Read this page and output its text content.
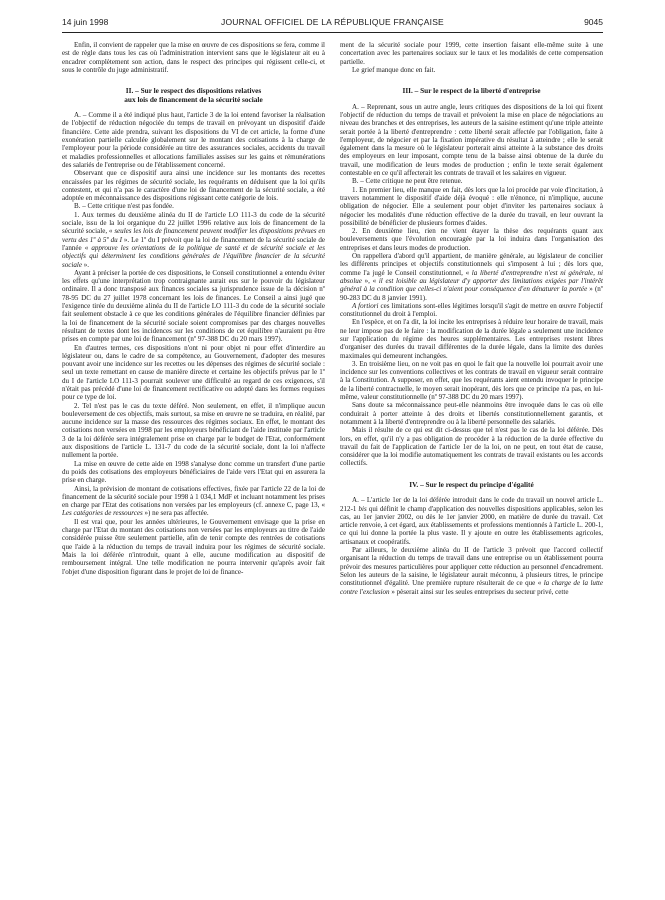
14 juin 1998	JOURNAL OFFICIEL DE LA RÉPUBLIQUE FRANÇAISE	9045

Enfin, il convient de rappeler que la mise en œuvre de ces dispositions se fera, comme il est de règle dans tous les cas où l'administration intervient sans que le législateur ait eu à encadrer complètement son action, dans le respect des principes qui régissent celle-ci, et sous le contrôle du juge administratif.

II. – Sur le respect des dispositions relatives
aux lois de financement de la sécurité sociale

A. – Comme il a été indiqué plus haut, l'article 3 de la loi entend favoriser la réalisation de l'objectif de réduction négociée du temps de travail en prévoyant un dispositif d'aide financière. Cette aide prendra, suivant les dispositions du VI de cet article, la forme d'une exonération partielle calculée globalement sur le montant des cotisations à la charge de l'employeur pour la période considérée au titre des assurances sociales, accidents du travail et maladies professionnelles et allocations familiales assises sur les gains et rémunérations des salariés de l'entreprise ou de l'établissement concerné.

Observant que ce dispositif aura ainsi une incidence sur les montants des recettes encaissées par les régimes de sécurité sociale, les requérants en déduisent que la loi qu'ils contestent, et qui n'a pas le caractère d'une loi de financement de la sécurité sociale, a été adoptée en méconnaissance des dispositions régissant cette catégorie de lois.

B. – Cette critique n'est pas fondée.

1. Aux termes du deuxième alinéa du II de l'article LO 111-3 du code de la sécurité sociale, issu de la loi organique du 22 juillet 1996 relative aux lois de financement de la sécurité sociale, « seules les lois de financement peuvent modifier les dispositions prévues en vertu des 1º à 5º du I ». Le 1º du I prévoit que la loi de financement de la sécurité sociale de l'année « approuve les orientations de la politique de santé et de sécurité sociale et les objectifs qui déterminent les conditions générales de l'équilibre financier de la sécurité sociale ».

Ayant à préciser la portée de ces dispositions, le Conseil constitutionnel a entendu éviter les effets qu'une interprétation trop contraignante aurait eus sur le pouvoir du législateur ordinaire. Il a donc transposé aux finances sociales sa jurisprudence issue de la décision nº 78-95 DC du 27 juillet 1978 concernant les lois de finances. Le Conseil a ainsi jugé que l'exigence tirée du deuxième alinéa du II de l'article LO 111-3 du code de la sécurité sociale fait seulement obstacle à ce que les conditions générales de l'équilibre financier définies par la loi de financement de la sécurité sociale soient compromises par des charges nouvelles résultant de textes dont les incidences sur les conditions de cet équilibre n'auraient pu être prises en compte par une loi de financement (nº 97-388 DC du 20 mars 1997).

En d'autres termes, ces dispositions n'ont ni pour objet ni pour effet d'interdire au législateur ou, dans le cadre de sa compétence, au Gouvernement, d'adopter des mesures pouvant avoir une incidence sur les recettes ou les dépenses des régimes de sécurité sociale : seul un texte remettant en cause de manière directe et certaine les objectifs prévus par le 1º du I de l'article LO 111-3 pourrait soulever une difficulté au regard de ces exigences, s'il n'était pas précédé d'une loi de financement rectificative ou adopté dans les formes requises pour ce type de loi.

2. Tel n'est pas le cas du texte déféré. Non seulement, en effet, il n'implique aucun bouleversement de ces objectifs, mais surtout, sa mise en œuvre ne se traduira, en réalité, par aucune incidence sur la masse des ressources des régimes sociaux. En effet, le montant des cotisations non versées en 1998 par les employeurs bénéficiant de l'aide instituée par l'article 3 de la loi déférée sera intégralement prise en charge par le budget de l'Etat, conformément aux dispositions de l'article L. 131-7 du code de la sécurité sociale, dont la loi n'affecte nullement la portée.

La mise en œuvre de cette aide en 1998 s'analyse donc comme un transfert d'une partie du poids des cotisations des employeurs bénéficiaires de l'aide vers l'Etat qui en assurera la prise en charge.

Ainsi, la prévision de montant de cotisations effectives, fixée par l'article 22 de la loi de financement de la sécurité sociale pour 1998 à 1 034,1 MdF et incluant notamment les prises en charge par l'Etat des cotisations non versées par les employeurs (cf. annexe C, page 13, « Les catégories de ressources ») ne sera pas affectée.

Il est vrai que, pour les années ultérieures, le Gouvernement envisage que la prise en charge par l'Etat du montant des cotisations non versées par les employeurs au titre de l'aide considérée puisse être seulement partielle, afin de tenir compte des rentrées de cotisations que l'aide à la réduction du temps de travail induira pour les régimes de sécurité sociale. Mais la loi déférée n'introduit, quant à elle, aucune modification au dispositif de remboursement intégral. Une telle modification ne pourra intervenir qu'après avoir fait l'objet d'une disposition figurant dans le projet de loi de finance-

ment de la sécurité sociale pour 1999, cette insertion faisant elle-même suite à une concertation avec les partenaires sociaux sur le taux et les modalités de cette compensation partielle.

Le grief manque donc en fait.

III. – Sur le respect de la liberté d'entreprise

A. – Reprenant, sous un autre angle, leurs critiques des dispositions de la loi qui fixent l'objectif de réduction du temps de travail et prévoient la mise en place de négociations au niveau des branches et des entreprises, les auteurs de la saisine estiment qu'une triple atteinte serait portée à la liberté d'entreprendre : cette liberté serait affectée par l'obligation, faite à l'employeur, de négocier et par la fixation impérative du résultat à atteindre ; elle le serait également dans la mesure où le législateur porterait ainsi atteinte à la substance des droits des employeurs en leur imposant, compte tenu de la baisse ainsi obtenue de la durée du travail, une modification de leurs modes de production ; enfin le texte serait également contestable en ce qu'il affecterait les contrats de travail et les salaires en vigueur.

B. – Cette critique ne peut être retenue.

1. En premier lieu, elle manque en fait, dès lors que la loi procède par voie d'incitation, à travers notamment le dispositif d'aide déjà évoqué : elle n'énonce, ni n'implique, aucune obligation de négocier. Elle a seulement pour objet d'inviter les partenaires sociaux à négocier les modalités d'une réduction effective de la durée du travail, en leur ouvrant la possibilité de bénéficier de plusieurs formes d'aides.

2. En deuxième lieu, rien ne vient étayer la thèse des requérants quant aux bouleversements que l'évolution encouragée par la loi induira dans l'organisation des entreprises et dans leurs modes de production.

On rappellera d'abord qu'il appartient, de manière générale, au législateur de concilier les différents principes et objectifs constitutionnels qui s'imposent à lui ; dès lors que, comme l'a jugé le Conseil constitutionnel, « la liberté d'entreprendre n'est ni générale, ni absolue », « il est loisible au législateur d'y apporter des limitations exigées par l'intérêt général à la condition que celles-ci n'aient pour conséquence d'en dénaturer la portée » (nº 90-283 DC du 8 janvier 1991).

A fortiori ces limitations sont-elles légitimes lorsqu'il s'agit de mettre en œuvre l'objectif constitutionnel du droit à l'emploi.

En l'espèce, et on l'a dit, la loi incite les entreprises à réduire leur horaire de travail, mais ne leur impose pas de le faire : la modification de la durée légale a seulement une incidence sur l'application du régime des heures supplémentaires. Les entreprises restent libres d'organiser des durées du travail différentes de la durée légale, dans la limite des durées maximales qui demeurent inchangées.

3. En troisième lieu, on ne voit pas en quoi le fait que la nouvelle loi pourrait avoir une incidence sur les conventions collectives et les contrats de travail en vigueur serait contraire à la Constitution. A supposer, en effet, que les requérants aient entendu invoquer le principe de la liberté contractuelle, le moyen serait inopérant, dès lors que ce principe n'a pas, en lui-même, valeur constitutionnelle (nº 97-388 DC du 20 mars 1997).

Sans doute sa méconnaissance peut-elle néanmoins être invoquée dans le cas où elle conduirait à porter atteinte à des droits et libertés constitutionnellement garantis, et notamment à la liberté d'entreprendre ou à la liberté personnelle des salariés.

Mais il résulte de ce qui est dit ci-dessus que tel n'est pas le cas de la loi déférée. Dès lors, en effet, qu'il n'y a pas obligation de procéder à la réduction de la durée effective du travail du fait de l'application de l'article 1er de la loi, on ne peut, en tout état de cause, considérer que la loi modifie automatiquement les contrats de travail existants ou les accords collectifs.

IV. – Sur le respect du principe d'égalité

A. – L'article 1er de la loi déférée introduit dans le code du travail un nouvel article L. 212-1 bis qui définit le champ d'application des nouvelles dispositions applicables, selon les cas, au 1er janvier 2002, ou dès le 1er janvier 2000, en matière de durée du travail. Cet article renvoie, à cet égard, aux établissements et professions mentionnés à l'article L. 200-1, ce qui lui donne la portée la plus vaste. Il y ajoute en outre les établissements agricoles, artisanaux et coopératifs.

Par ailleurs, le deuxième alinéa du II de l'article 3 prévoit que l'accord collectif organisant la réduction du temps de travail dans une entreprise ou un établissement pourra prévoir des mesures particulières pour appliquer cette réduction au personnel d'encadrement. Selon les auteurs de la saisine, le législateur aurait méconnu, à plusieurs titres, le principe constitutionnel d'égalité. Une première rupture résulterait de ce que « la charge de la lutte contre l'exclusion » pèserait ainsi sur les seules entreprises du secteur privé, cette
